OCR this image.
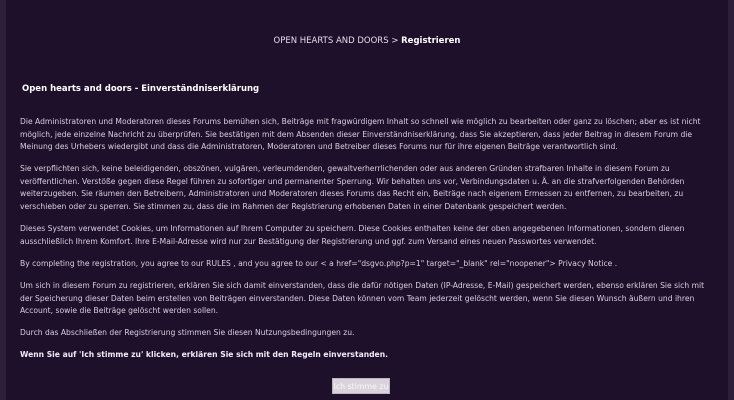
OPEN HEARTS AND DOORS > Registrieren
Open hearts and doors - Einverständniserklärung

Die Administratoren und Moderatoren dieses Forums bemühen sich, Beiträge mit fragwürdigem Inhalt so schnell wie möglich zu bearbeiten oder ganz zu löschen; aber es ist nicht möglich, jede einzelne Nachricht zu überprüfen. Sie bestätigen mit dem Absenden dieser Einverständniserklärung, dass Sie akzeptieren, dass jeder Beitrag in diesem Forum die Meinung des Urhebers wiedergibt und dass die Administratoren, Moderatoren und Betreiber dieses Forums nur für ihre eigenen Beiträge verantwortlich sind.

Sie verpflichten sich, keine beleidigenden, obszönen, vulgären, verleumdenden, gewaltverherrlichenden oder aus anderen Gründen strafbaren Inhalte in diesem Forum zu veröffentlichen. Verstöße gegen diese Regel führen zu sofortiger und permanenter Sperrung. Wir behalten uns vor, Verbindungsdaten u. Ä. an die strafverfolgenden Behörden weiterzugeben. Sie räumen den Betreibern, Administratoren und Moderatoren dieses Forums das Recht ein, Beiträge nach eigenem Ermessen zu entfernen, zu bearbeiten, zu verschieben oder zu sperren. Sie stimmen zu, dass die im Rahmen der Registrierung erhobenen Daten in einer Datenbank gespeichert werden.

Dieses System verwendet Cookies, um Informationen auf Ihrem Computer zu speichern. Diese Cookies enthalten keine der oben angegebenen Informationen, sondern dienen ausschließlich Ihrem Komfort. Ihre E-Mail-Adresse wird nur zur Bestätigung der Registrierung und ggf. zum Versand eines neuen Passwortes verwendet.

By completing the registration, you agree to our RULES , and you agree to our < a href="dsgvo.php?p=1" target="_blank" rel="noopener"> Privacy Notice .

Um sich in diesem Forum zu registrieren, erklären Sie sich damit einverstanden, dass die dafür nötigen Daten (IP-Adresse, E-Mail) gespeichert werden, ebenso erklären Sie sich mit der Speicherung dieser Daten beim erstellen von Beiträgen einverstanden. Diese Daten können vom Team jederzeit gelöscht werden, wenn Sie diesen Wunsch äußern und ihren Account, sowie die Beiträge gelöscht werden sollen.

Durch das Abschließen der Registrierung stimmen Sie diesen Nutzungsbedingungen zu.

Wenn Sie auf 'Ich stimme zu' klicken, erklären Sie sich mit den Regeln einverstanden.

Ich stimme zu
